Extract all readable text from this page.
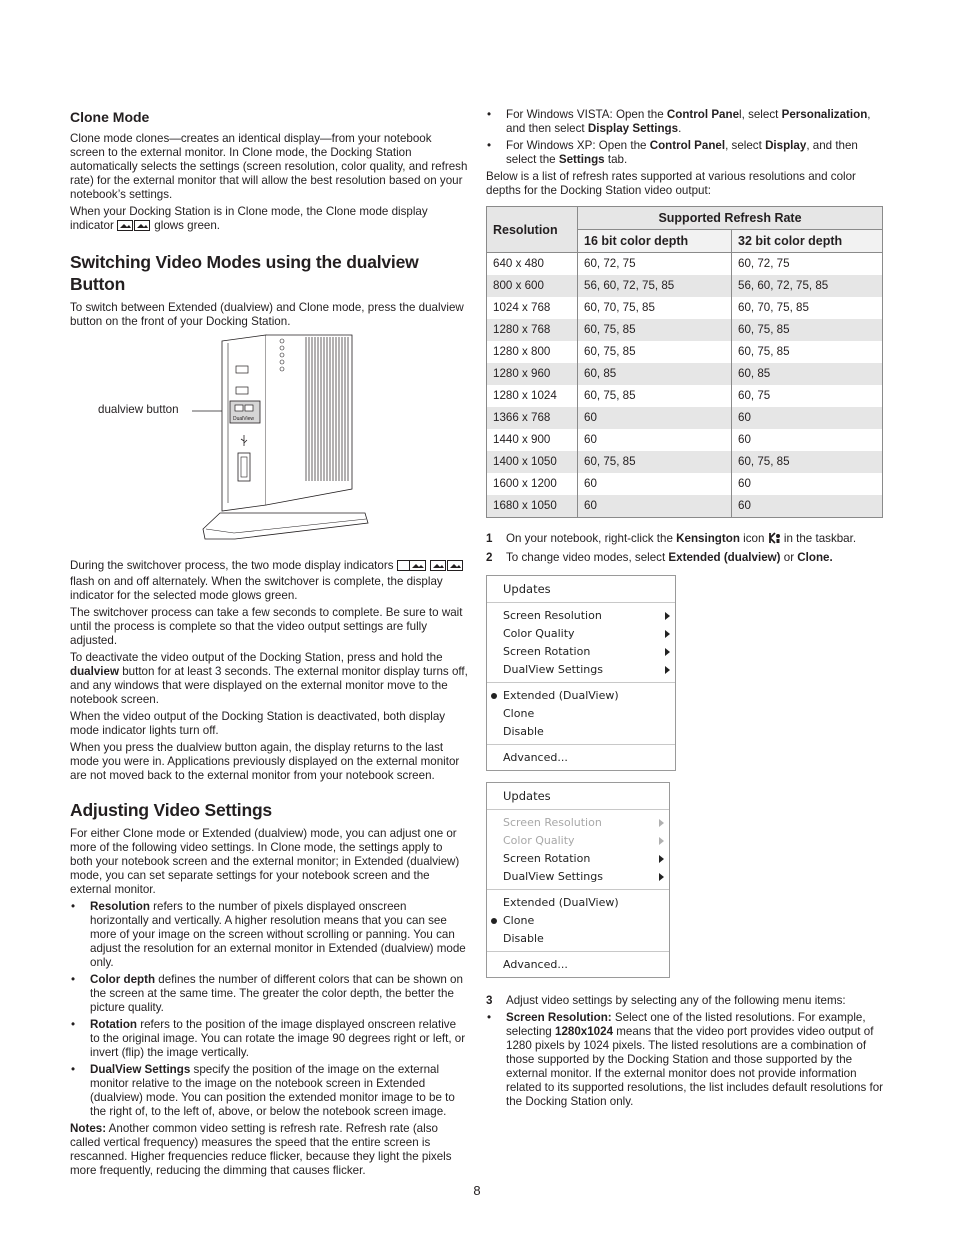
Clone Mode

Clone mode clones—creates an identical display—from your notebook screen to the external monitor. In Clone mode, the Docking Station automatically selects the settings (screen resolution, color quality, and refresh rate) for the external monitor that will allow the best resolution based on your notebook’s settings.

When your Docking Station is in Clone mode, the Clone mode display indicator	glows green.

Switching Video Modes using the dualview Button

To switch between Extended (dualview) and Clone mode, press the dualview button on the front of your Docking Station.

dualview button
DualView

During the switchover process, the two mode display indicators   flash on and off alternately. When the switchover is complete, the display indicator for the selected mode glows green.

The switchover process can take a few seconds to complete. Be sure to wait until the process is complete so that the video output settings are fully adjusted.

To deactivate the video output of the Docking Station, press and hold the dualview button for at least 3 seconds. The external monitor display turns off, and any windows that were displayed on the external monitor move to the notebook screen.

When the video output of the Docking Station is deactivated, both display mode indicator lights turn off.

When you press the dualview button again, the display returns to the last mode you were in. Applications previously displayed on the external monitor are not moved back to the external monitor from your notebook screen.

Adjusting Video Settings

For either Clone mode or Extended (dualview) mode, you can adjust one or more of the following video settings. In Clone mode, the settings apply to both your notebook screen and the external monitor; in Extended (dualview) mode, you can set separate settings for your notebook screen and the external monitor.

• Resolution refers to the number of pixels displayed onscreen horizontally and vertically. A higher resolution means that you can see more of your image on the screen without scrolling or panning. You can adjust the resolution for an external monitor in Extended (dualview) mode only.
• Color depth defines the number of different colors that can be shown on the screen at the same time. The greater the color depth, the better the picture quality.
• Rotation refers to the position of the image displayed onscreen relative to the original image. You can rotate the image 90 degrees right or left, or invert (flip) the image vertically.
• DualView Settings specify the position of the image on the external monitor relative to the image on the notebook screen in Extended (dualview) mode. You can position the extended monitor image to be to the right of, to the left of, above, or below the notebook screen image.

Notes: Another common video setting is refresh rate. Refresh rate (also called vertical frequency) measures the speed that the entire screen is rescanned. Higher frequencies reduce flicker, because they light the pixels more frequently, reducing the dimming that causes flicker.

• For Windows VISTA: Open the Control Panel, select Personalization, and then select Display Settings.
• For Windows XP: Open the Control Panel, select Display, and then select the Settings tab.

Below is a list of refresh rates supported at various resolutions and color depths for the Docking Station video output:

Resolution	Supported Refresh Rate	
	16 bit color depth	32 bit color depth
640 x 480	60, 72, 75	60, 72, 75
800 x 600	56, 60, 72, 75, 85	56, 60, 72, 75, 85
1024 x 768	60, 70, 75, 85	60, 70, 75, 85
1280 x 768	60, 75, 85	60, 75, 85
1280 x 800	60, 75, 85	60, 75, 85
1280 x 960	60, 85	60, 85
1280 x 1024	60, 75, 85	60, 75
1366 x 768	60	60
1440 x 900	60	60
1400 x 1050	60, 75, 85	60, 75, 85
1600 x 1200	60	60
1680 x 1050	60	60
1 On your notebook, right-click the Kensington icon in the taskbar.
2 To change video modes, select Extended (dualview) or Clone.
Updates
Screen Resolution
Color Quality
Screen Rotation
DualView Settings
Extended (DualView)
Clone
Disable
Advanced...
Updates
Screen Resolution
Color Quality
Screen Rotation
DualView Settings
Extended (DualView)
Clone
Disable
Advanced...
3 Adjust video settings by selecting any of the following menu items:
• Screen Resolution: Select one of the listed resolutions. For example, selecting 1280x1024 means that the video port provides video output of 1280 pixels by 1024 pixels. The listed resolutions are a combination of those supported by the Docking Station and those supported by the external monitor. If the external monitor does not provide information related to its supported resolutions, the list includes default resolutions for the Docking Station only.
8
